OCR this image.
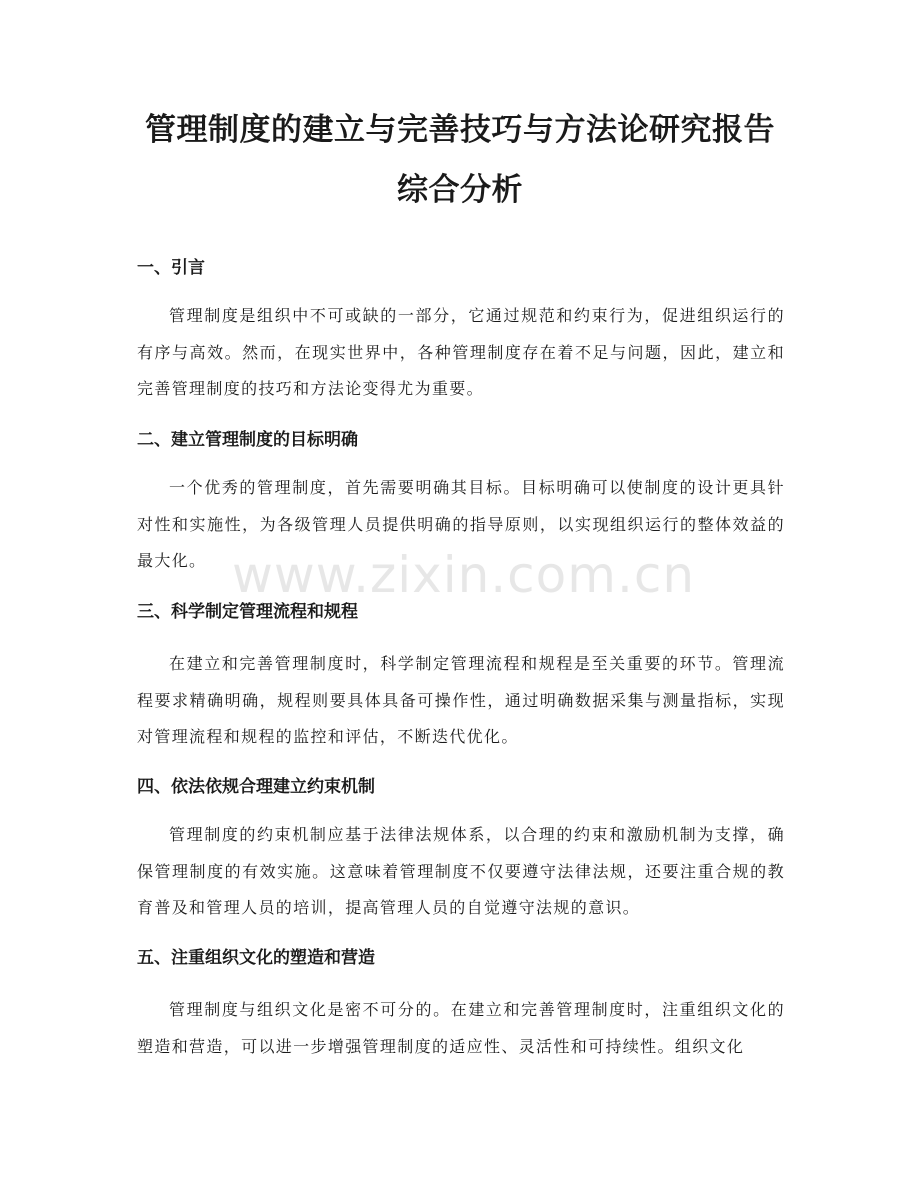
管理制度的建立与完善技巧与方法论研究报告综合分析
一、引言

管理制度是组织中不可或缺的一部分，它通过规范和约束行为，促进组织运行的有序与高效。然而，在现实世界中，各种管理制度存在着不足与问题，因此，建立和完善管理制度的技巧和方法论变得尤为重要。

二、建立管理制度的目标明确

一个优秀的管理制度，首先需要明确其目标。目标明确可以使制度的设计更具针对性和实施性，为各级管理人员提供明确的指导原则，以实现组织运行的整体效益的最大化。

三、科学制定管理流程和规程

在建立和完善管理制度时，科学制定管理流程和规程是至关重要的环节。管理流程要求精确明确，规程则要具体具备可操作性，通过明确数据采集与测量指标，实现对管理流程和规程的监控和评估，不断迭代优化。

四、依法依规合理建立约束机制

管理制度的约束机制应基于法律法规体系，以合理的约束和激励机制为支撑，确保管理制度的有效实施。这意味着管理制度不仅要遵守法律法规，还要注重合规的教育普及和管理人员的培训，提高管理人员的自觉遵守法规的意识。

五、注重组织文化的塑造和营造

管理制度与组织文化是密不可分的。在建立和完善管理制度时，注重组织文化的塑造和营造，可以进一步增强管理制度的适应性、灵活性和可持续性。组织文化

www.zixin.com.cn
